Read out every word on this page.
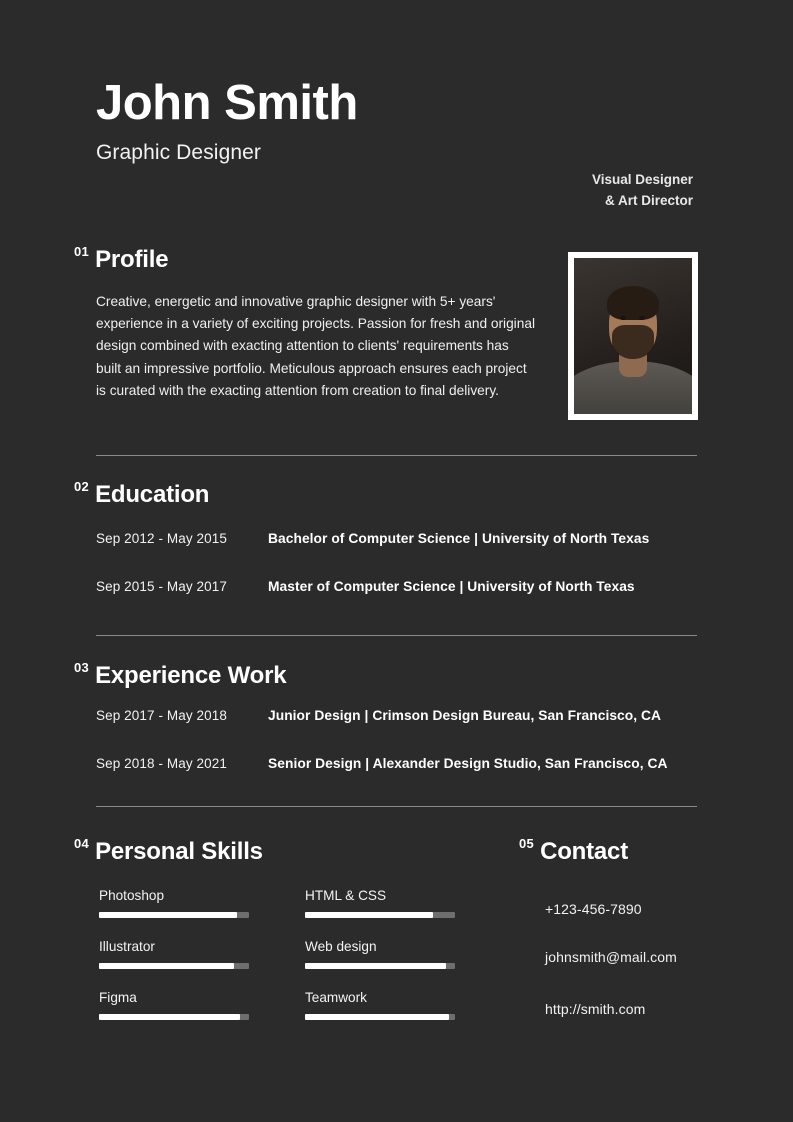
John Smith
Graphic Designer
Visual Designer
& Art Director
01 Profile
Creative, energetic and innovative graphic designer with 5+ years' experience in a variety of exciting projects. Passion for fresh and original design combined with exacting attention to clients' requirements has built an impressive portfolio. Meticulous approach ensures each project is curated with the exacting attention from creation to final delivery.
02 Education
Sep 2012 - May 2015	Bachelor of Computer Science | University of North Texas
Sep 2015 - May 2017	Master of Computer Science | University of North Texas
03 Experience Work
Sep 2017 - May 2018	Junior Design | Crimson Design Bureau, San Francisco, CA
Sep 2018 - May 2021	Senior Design | Alexander Design Studio, San Francisco, CA
04 Personal Skills	05 Contact
Photoshop
Illustrator
Figma
HTML & CSS
Web design
Teamwork
+123-456-7890
johnsmith@mail.com
http://smith.com
